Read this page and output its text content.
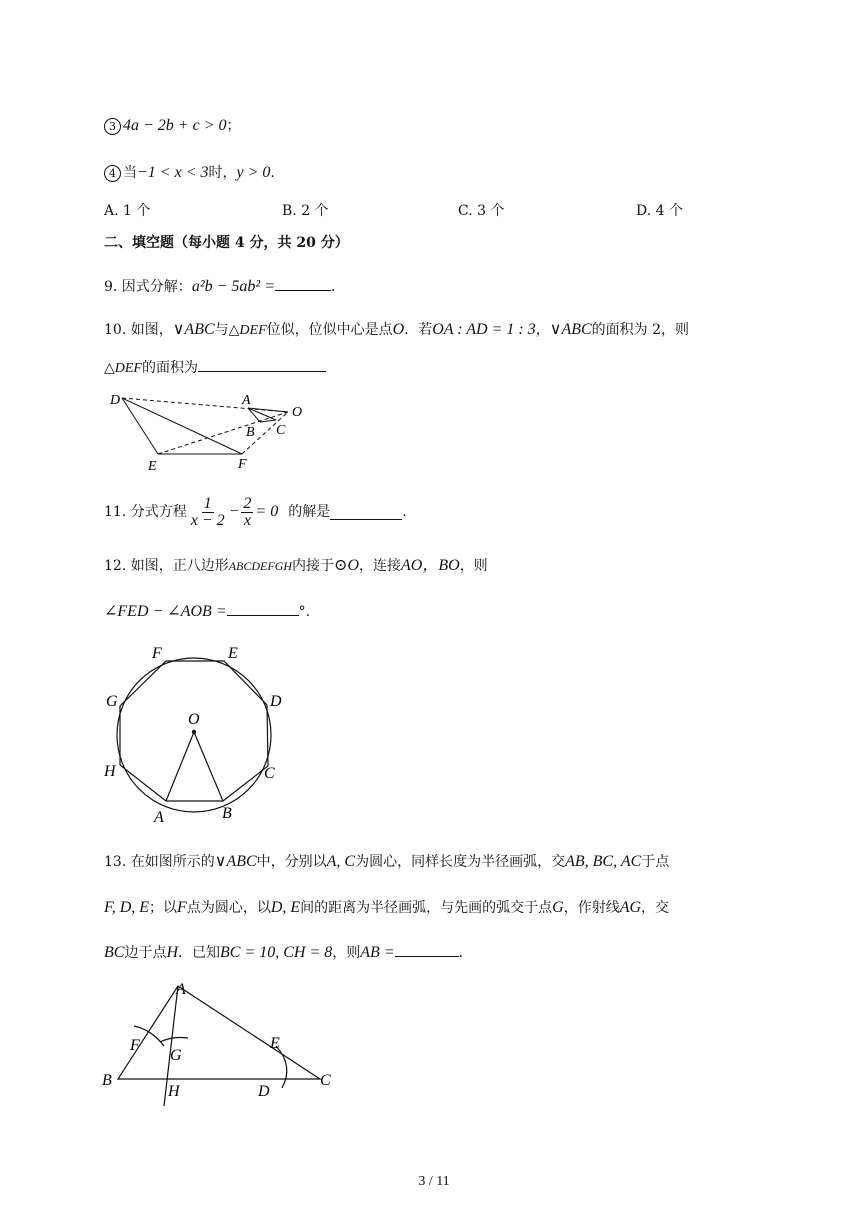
3 4a − 2b + c > 0；
4 当−1 < x < 3时，y > 0.
A. 1 个	B. 2 个	C. 3 个	D. 4 个
二、填空题（每小题 4 分，共 20 分）
9. 因式分解：a²b − 5ab² =	.
10. 如图，∨ABC与△DEF位似，位似中心是点O．若OA : AD = 1 : 3，∨ABC的面积为 2，则
△DEF的面积为
D	A
O
B C
E	F
11. 分式方程 $\frac{1}{x - 2} - \frac{2}{x} = 0$ 的解是	.
12. 如图，正八边形ABCDEFGH内接于⊙O，连接AO，BO，则
∠FED − ∠AOB =	°.
F	E
G	D
O
H	C
A	B
13. 在如图所示的∨ABC中，分别以A, C为圆心，同样长度为半径画弧，交AB, BC, AC于点
F, D, E；以F点为圆心，以D, E间的距离为半径画弧，与先画的弧交于点G，作射线AG，交
BC边于点H．已知BC = 10, CH = 8，则AB =	.
A
F
G
E
B
H	D
C
3 / 11
